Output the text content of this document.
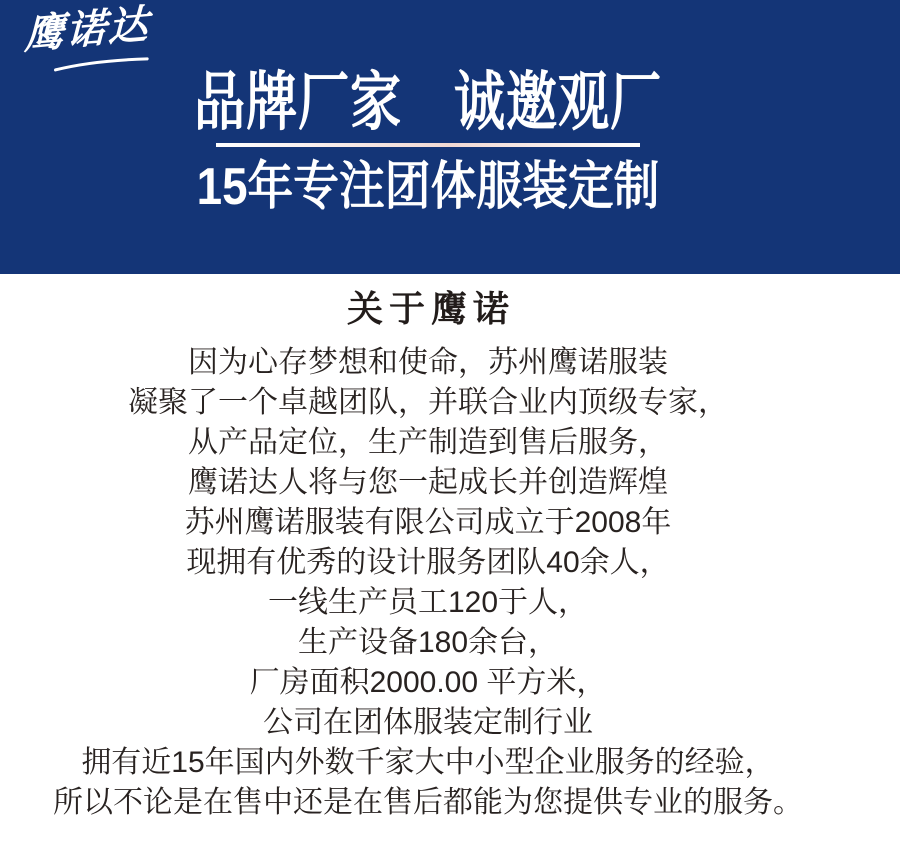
鹰诺达
品牌厂家　诚邀观厂
15年专注团体服装定制
关于鹰诺

因为心存梦想和使命，苏州鹰诺服装

凝聚了一个卓越团队，并联合业内顶级专家，

从产品定位，生产制造到售后服务，

鹰诺达人将与您一起成长并创造辉煌

苏州鹰诺服装有限公司成立于2008年

现拥有优秀的设计服务团队40余人，

一线生产员工120于人，

生产设备180余台，

厂房面积2000.00 平方米，

公司在团体服装定制行业

拥有近15年国内外数千家大中小型企业服务的经验，

所以不论是在售中还是在售后都能为您提供专业的服务。
